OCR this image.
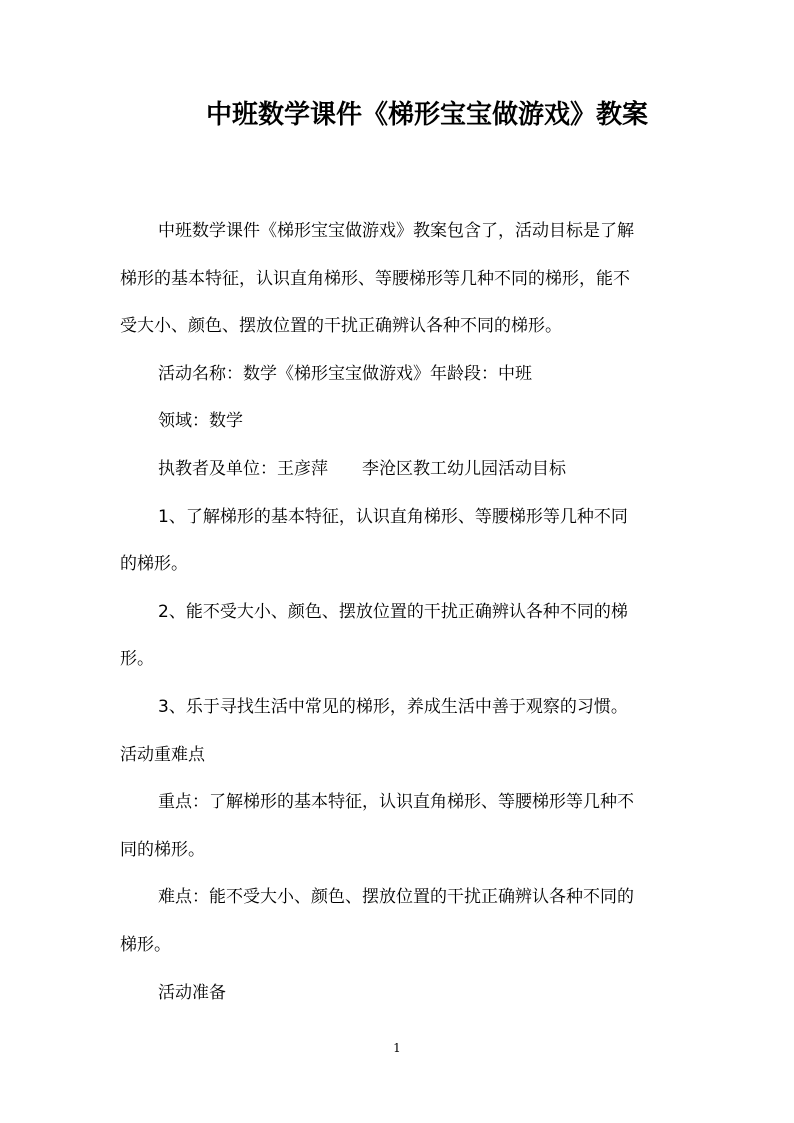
中班数学课件《梯形宝宝做游戏》教案

中班数学课件《梯形宝宝做游戏》教案包含了，活动目标是了解

梯形的基本特征，认识直角梯形、等腰梯形等几种不同的梯形，能不

受大小、颜色、摆放位置的干扰正确辨认各种不同的梯形。

活动名称：数学《梯形宝宝做游戏》年龄段：中班

领域：数学

执教者及单位：王彦萍　　李沧区教工幼儿园活动目标

1、了解梯形的基本特征，认识直角梯形、等腰梯形等几种不同

的梯形。

2、能不受大小、颜色、摆放位置的干扰正确辨认各种不同的梯

形。

3、乐于寻找生活中常见的梯形，养成生活中善于观察的习惯。

活动重难点

重点：了解梯形的基本特征，认识直角梯形、等腰梯形等几种不

同的梯形。

难点：能不受大小、颜色、摆放位置的干扰正确辨认各种不同的

梯形。

活动准备

1
